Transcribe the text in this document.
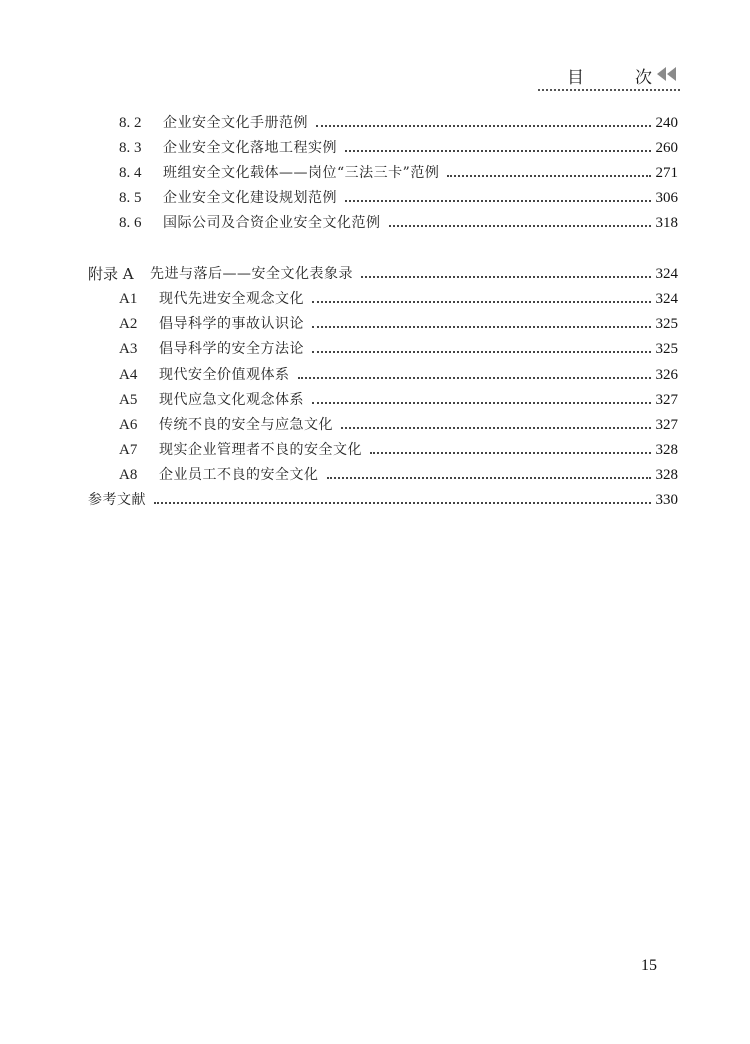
目	次
8. 2	企业安全文化手册范例	240
8. 3	企业安全文化落地工程实例	260
8. 4	班组安全文化载体——岗位“三法三卡”范例	271
8. 5	企业安全文化建设规划范例	306
8. 6	国际公司及合资企业安全文化范例	318
附录 A	先进与落后——安全文化表象录	324
A1	现代先进安全观念文化	324
A2	倡导科学的事故认识论	325
A3	倡导科学的安全方法论	325
A4	现代安全价值观体系	326
A5	现代应急文化观念体系	327
A6	传统不良的安全与应急文化	327
A7	现实企业管理者不良的安全文化	328
A8	企业员工不良的安全文化	328
参考文献	330
15
